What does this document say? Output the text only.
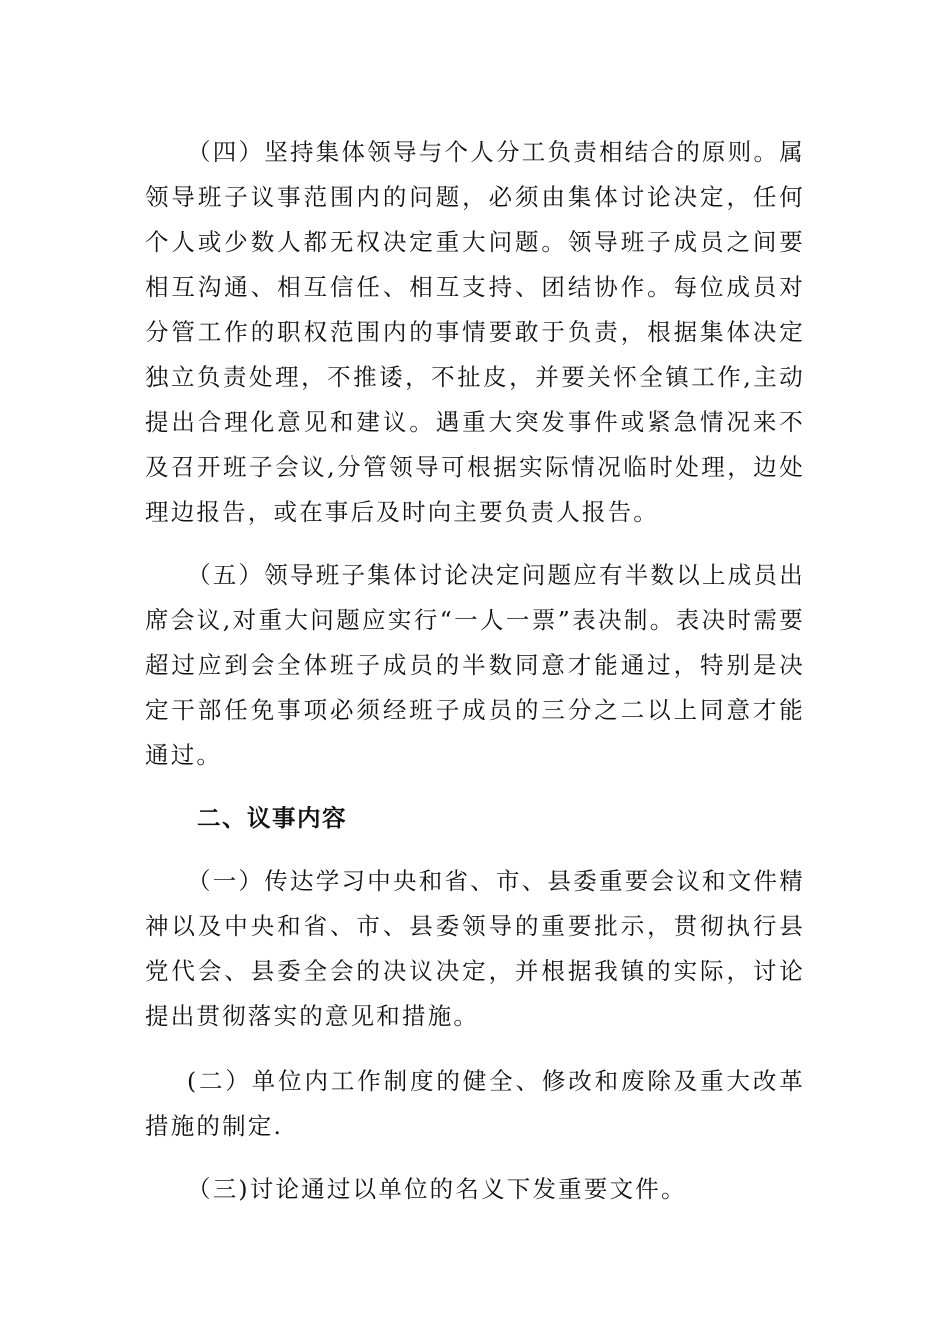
（四）坚持集体领导与个人分工负责相结合的原则。属领导班子议事范围内的问题，必须由集体讨论决定，任何个人或少数人都无权决定重大问题。领导班子成员之间要相互沟通、相互信任、相互支持、团结协作。每位成员对分管工作的职权范围内的事情要敢于负责，根据集体决定独立负责处理，不推诿，不扯皮，并要关怀全镇工作,主动提出合理化意见和建议。遇重大突发事件或紧急情况来不及召开班子会议,分管领导可根据实际情况临时处理，边处理边报告，或在事后及时向主要负责人报告。

（五）领导班子集体讨论决定问题应有半数以上成员出席会议,对重大问题应实行“一人一票”表决制。表决时需要超过应到会全体班子成员的半数同意才能通过，特别是决定干部任免事项必须经班子成员的三分之二以上同意才能通过。

二、议事内容

（一）传达学习中央和省、市、县委重要会议和文件精神以及中央和省、市、县委领导的重要批示，贯彻执行县党代会、县委全会的决议决定，并根据我镇的实际，讨论提出贯彻落实的意见和措施。

(二）单位内工作制度的健全、修改和废除及重大改革措施的制定.

（三)讨论通过以单位的名义下发重要文件。
